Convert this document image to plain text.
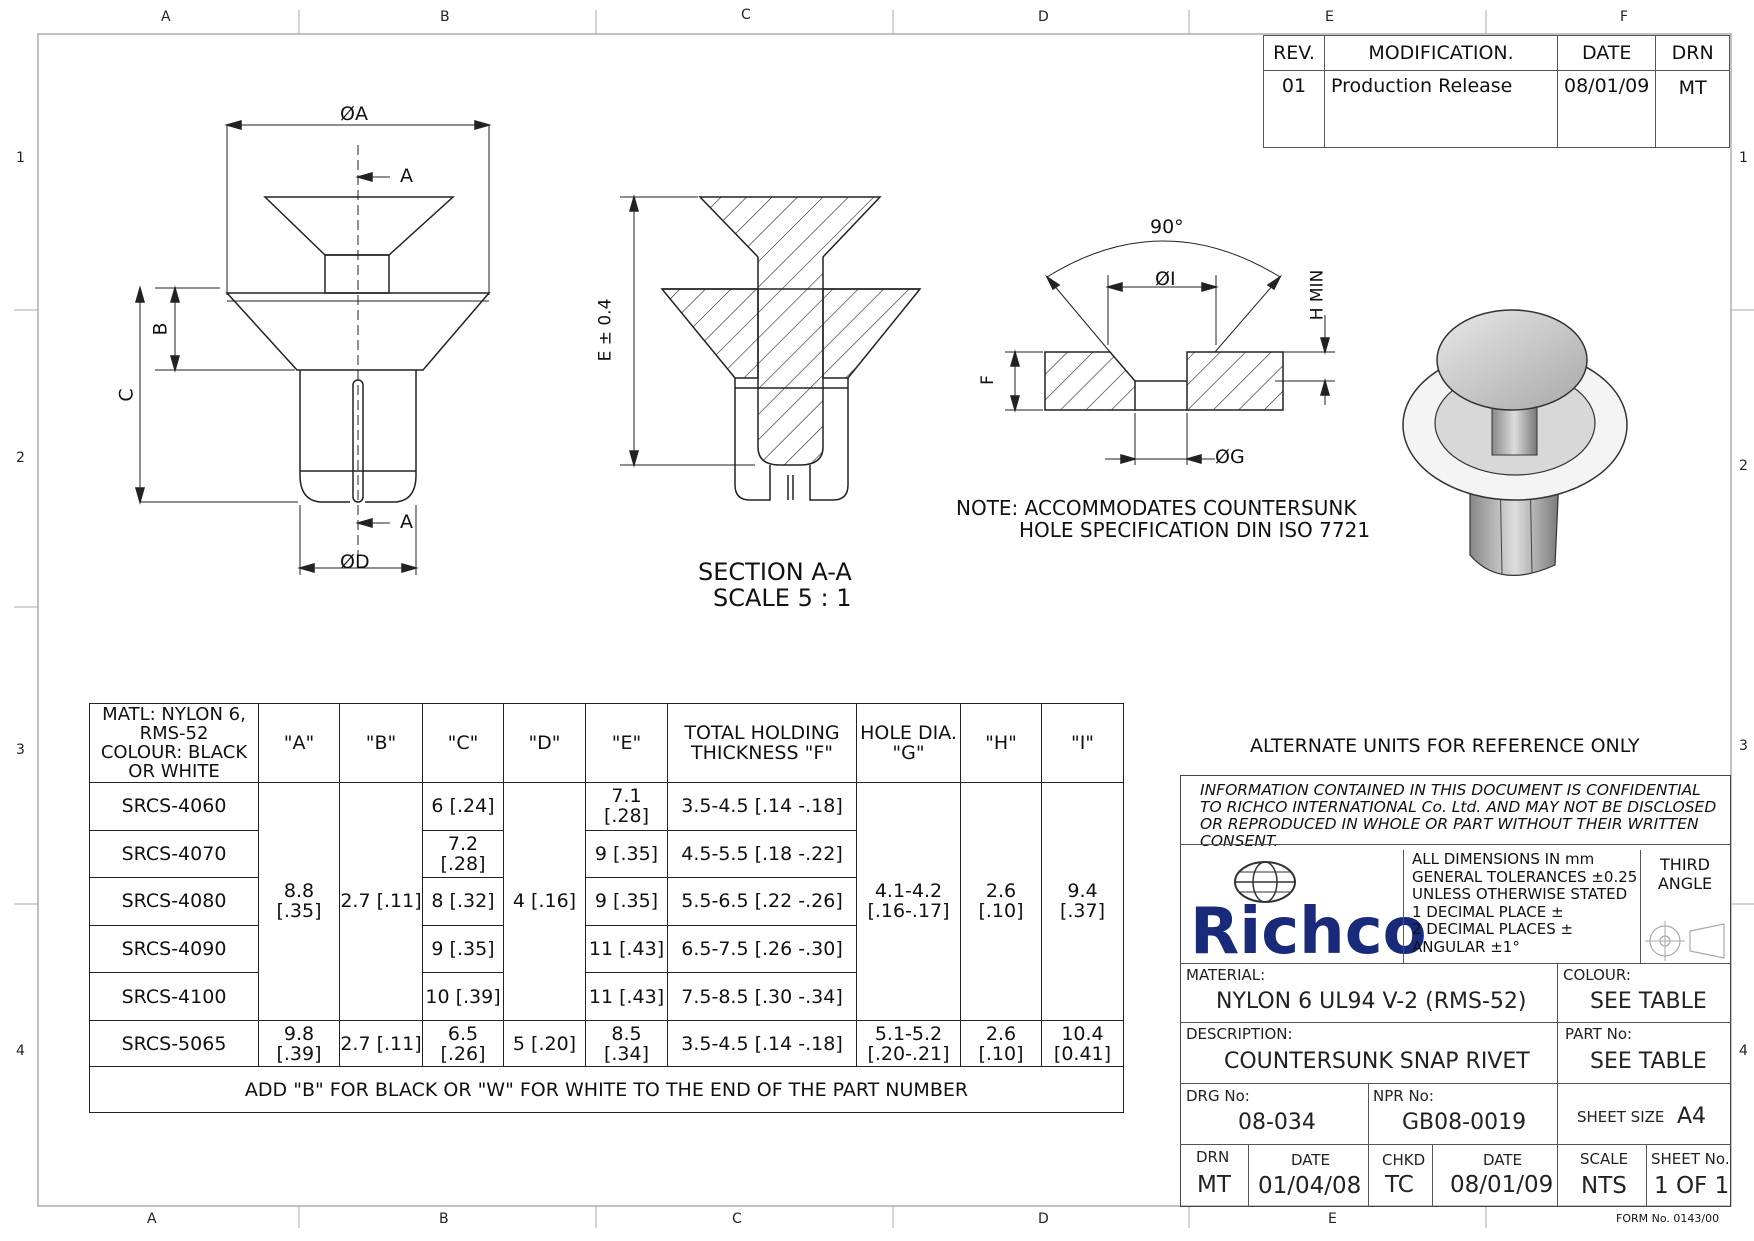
A	B	C	D	E	F
A	B	C	D	E
1
2
3
4
1
2
3
4
REV.	MODIFICATION.	DATE	DRN
01	Production Release	08/01/09	MT
ØA
A
A
B
C
ØD
E ± 0.4
SECTION A-A
SCALE 5 : 1
90°
ØI	H MIN
F
ØG
NOTE: ACCOMMODATES COUNTERSUNK
HOLE SPECIFICATION DIN ISO 7721
MATL: NYLON 6,
RMS-52
COLOUR: BLACK
OR WHITE	"A"	"B"	"C"	"D"	"E"	TOTAL HOLDING THICKNESS "F"	HOLE DIA. "G"	"H"	"I"
SRCS-4060	8.8 [.35]	2.7 [.11]	6 [.24]	4 [.16]	7.1 [.28]	3.5-4.5 [.14 -.18]	4.1-4.2 [.16-.17]	2.6 [.10]	9.4 [.37]
SRCS-4070			7.2 [.28]		9 [.35]	4.5-5.5 [.18 -.22]			
SRCS-4080			8 [.32]		9 [.35]	5.5-6.5 [.22 -.26]			
SRCS-4090			9 [.35]		11 [.43]	6.5-7.5 [.26 -.30]			
SRCS-4100			10 [.39]		11 [.43]	7.5-8.5 [.30 -.34]			
SRCS-5065	9.8 [.39]	2.7 [.11]	6.5 [.26]	5 [.20]	8.5 [.34]	3.5-4.5 [.14 -.18]	5.1-5.2 [.20-.21]	2.6 [.10]	10.4 [0.41]
ADD "B" FOR BLACK OR "W" FOR WHITE TO THE END OF THE PART NUMBER									
ALTERNATE UNITS FOR REFERENCE ONLY
INFORMATION CONTAINED IN THIS DOCUMENT IS CONFIDENTIAL TO RICHCO INTERNATIONAL Co. Ltd. AND MAY NOT BE DISCLOSED OR REPRODUCED IN WHOLE OR PART WITHOUT THEIR WRITTEN CONSENT.
Richco
ALL DIMENSIONS IN mm
GENERAL TOLERANCES ±0.25
UNLESS OTHERWISE STATED
1 DECIMAL PLACE ±
2 DECIMAL PLACES ±
ANGULAR ±1°
THIRD ANGLE
MATERIAL:
NYLON 6 UL94 V-2 (RMS-52)
COLOUR:
SEE TABLE
DESCRIPTION:
COUNTERSUNK SNAP RIVET
PART No:
SEE TABLE
DRG No:
08-034
NPR No:
GB08-0019	SHEET SIZE A4
DRN
MT
DATE
01/04/08
CHKD
TC
DATE
08/01/09
SCALE
NTS
SHEET No.
1 OF 1
FORM No. 0143/00
